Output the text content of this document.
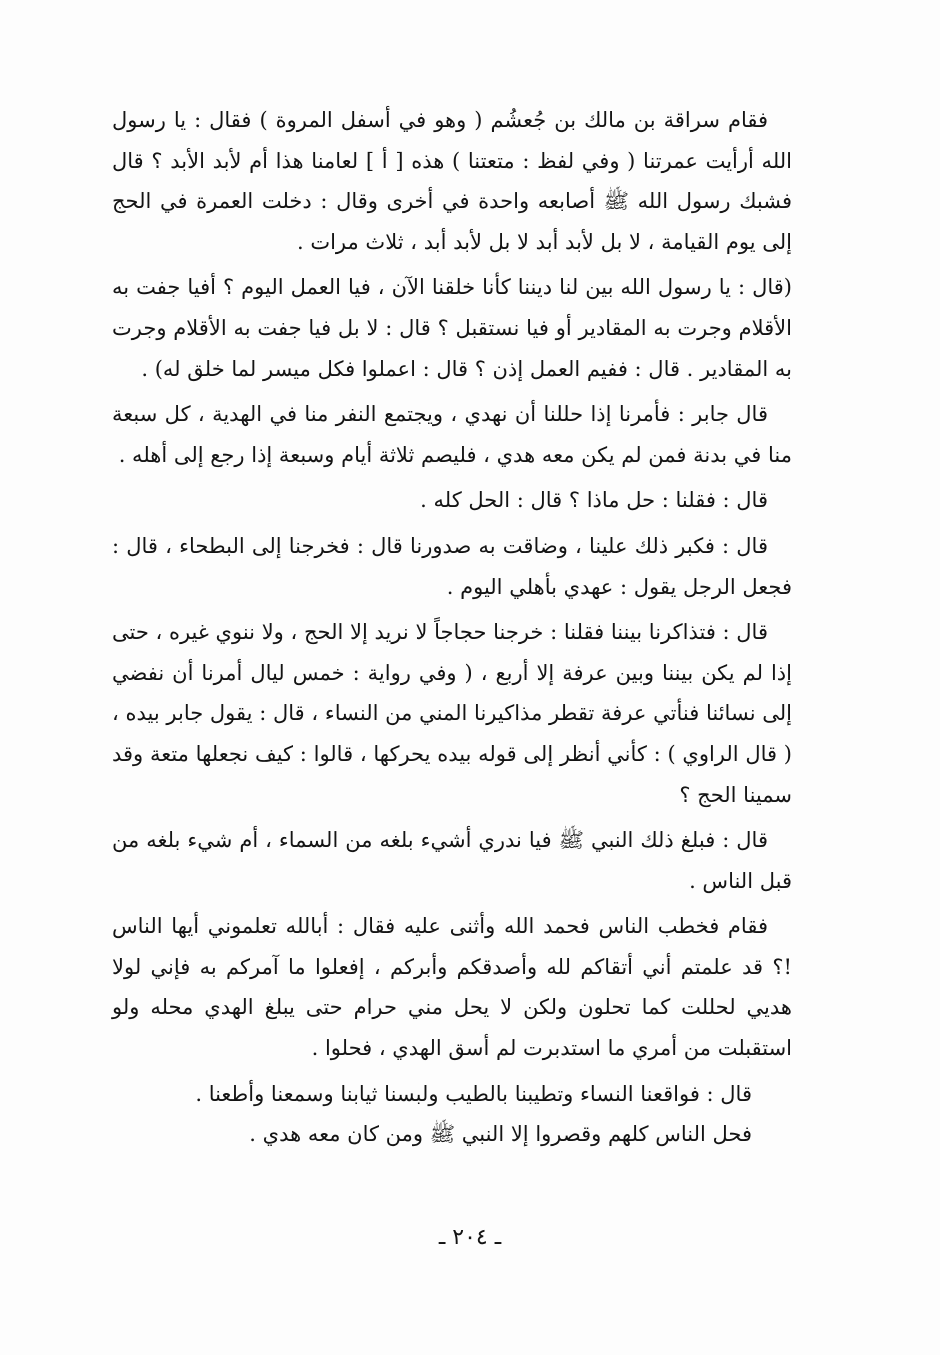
فقام سراقة بن مالك بن جُعشُم ( وهو في أسفل المروة ) فقال : يا رسول الله أرأيت عمرتنا ( وفي لفظ : متعتنا ) هذه [ أ ] لعامنا هذا أم لأبد الأبد ؟ قال فشبك رسول الله ﷺ أصابعه واحدة في أخرى وقال : دخلت العمرة في الحج إلى يوم القيامة ، لا بل لأبد أبد لا بل لأبد أبد ، ثلاث مرات .

(قال : يا رسول الله بين لنا ديننا كأنا خلقنا الآن ، فيا العمل اليوم ؟ أفيا جفت به الأقلام وجرت به المقادير أو فيا نستقبل ؟ قال : لا بل فيا جفت به الأقلام وجرت به المقادير . قال : ففيم العمل إذن ؟ قال : اعملوا فكل ميسر لما خلق له) .

قال جابر : فأمرنا إذا حللنا أن نهدي ، ويجتمع النفر منا في الهدية ، كل سبعة منا في بدنة فمن لم يكن معه هدي ، فليصم ثلاثة أيام وسبعة إذا رجع إلى أهله .

قال : فقلنا : حل ماذا ؟ قال : الحل كله .

قال : فكبر ذلك علينا ، وضاقت به صدورنا قال : فخرجنا إلى البطحاء ، قال : فجعل الرجل يقول : عهدي بأهلي اليوم .

قال : فتذاكرنا بيننا فقلنا : خرجنا حجاجاً لا نريد إلا الحج ، ولا ننوي غيره ، حتى إذا لم يكن بيننا وبين عرفة إلا أربع ، ( وفي رواية : خمس ليال أمرنا أن نفضي إلى نسائنا فنأتي عرفة تقطر مذاكيرنا المني من النساء ، قال : يقول جابر بيده ، ( قال الراوي ) : كأني أنظر إلى قوله بيده يحركها ، قالوا : كيف نجعلها متعة وقد سمينا الحج ؟

قال : فبلغ ذلك النبي ﷺ فيا ندري أشيء بلغه من السماء ، أم شيء بلغه من قبل الناس .

فقام فخطب الناس فحمد الله وأثنى عليه فقال : أبالله تعلموني أيها الناس !؟ قد علمتم أني أتقاكم لله وأصدقكم وأبركم ، إفعلوا ما آمركم به فإني لولا هديي لحللت كما تحلون ولكن لا يحل مني حرام حتى يبلغ الهدي محله ولو استقبلت من أمري ما استدبرت لم أسق الهدي ، فحلوا .

قال : فواقعنا النساء وتطيبنا بالطيب ولبسنا ثيابنا وسمعنا وأطعنا .

فحل الناس كلهم وقصروا إلا النبي ﷺ ومن كان معه هدي .

ـ ٢٠٤ ـ
